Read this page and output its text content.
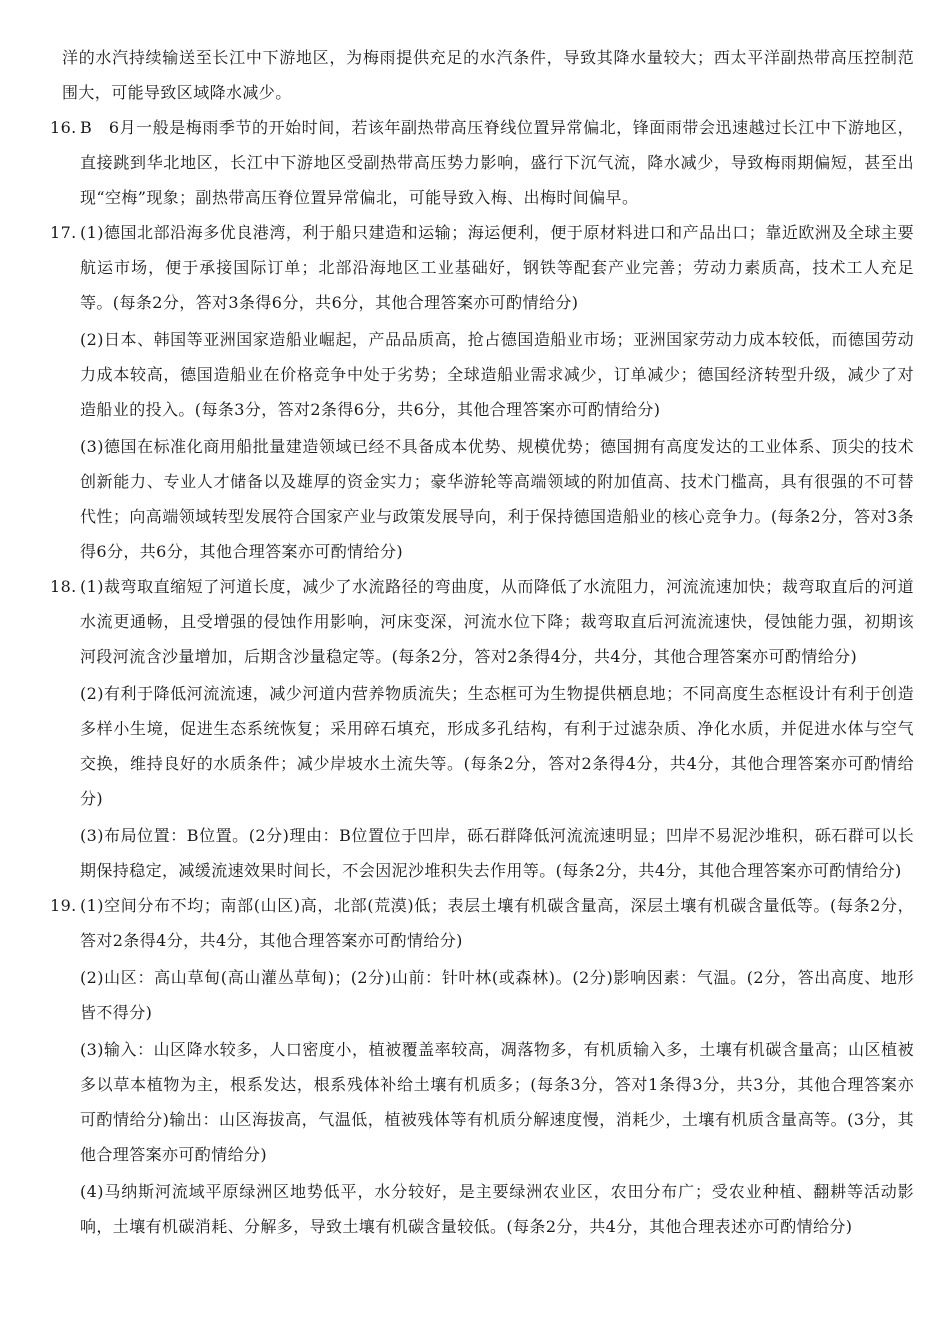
洋的水汽持续输送至长江中下游地区，为梅雨提供充足的水汽条件，导致其降水量较大；西太平洋副热带高压控制范围大，可能导致区域降水减少。

16. B　6月一般是梅雨季节的开始时间，若该年副热带高压脊线位置异常偏北，锋面雨带会迅速越过长江中下游地区，直接跳到华北地区，长江中下游地区受副热带高压势力影响，盛行下沉气流，降水减少，导致梅雨期偏短，甚至出现“空梅”现象；副热带高压脊位置异常偏北，可能导致入梅、出梅时间偏早。

17. (1)德国北部沿海多优良港湾，利于船只建造和运输；海运便利，便于原材料进口和产品出口；靠近欧洲及全球主要航运市场，便于承接国际订单；北部沿海地区工业基础好，钢铁等配套产业完善；劳动力素质高，技术工人充足等。(每条2分，答对3条得6分，共6分，其他合理答案亦可酌情给分)

(2)日本、韩国等亚洲国家造船业崛起，产品品质高，抢占德国造船业市场；亚洲国家劳动力成本较低，而德国劳动力成本较高，德国造船业在价格竞争中处于劣势；全球造船业需求减少，订单减少；德国经济转型升级，减少了对造船业的投入。(每条3分，答对2条得6分，共6分，其他合理答案亦可酌情给分)

(3)德国在标准化商用船批量建造领域已经不具备成本优势、规模优势；德国拥有高度发达的工业体系、顶尖的技术创新能力、专业人才储备以及雄厚的资金实力；豪华游轮等高端领域的附加值高、技术门槛高，具有很强的不可替代性；向高端领域转型发展符合国家产业与政策发展导向，利于保持德国造船业的核心竞争力。(每条2分，答对3条得6分，共6分，其他合理答案亦可酌情给分)

18. (1)裁弯取直缩短了河道长度，减少了水流路径的弯曲度，从而降低了水流阻力，河流流速加快；裁弯取直后的河道水流更通畅，且受增强的侵蚀作用影响，河床变深，河流水位下降；裁弯取直后河流流速快，侵蚀能力强，初期该河段河流含沙量增加，后期含沙量稳定等。(每条2分，答对2条得4分，共4分，其他合理答案亦可酌情给分)

(2)有利于降低河流流速，减少河道内营养物质流失；生态框可为生物提供栖息地；不同高度生态框设计有利于创造多样小生境，促进生态系统恢复；采用碎石填充，形成多孔结构，有利于过滤杂质、净化水质，并促进水体与空气交换，维持良好的水质条件；减少岸坡水土流失等。(每条2分，答对2条得4分，共4分，其他合理答案亦可酌情给分)

(3)布局位置：B位置。(2分)理由：B位置位于凹岸，砾石群降低河流流速明显；凹岸不易泥沙堆积，砾石群可以长期保持稳定，减缓流速效果时间长，不会因泥沙堆积失去作用等。(每条2分，共4分，其他合理答案亦可酌情给分)

19. (1)空间分布不均；南部(山区)高，北部(荒漠)低；表层土壤有机碳含量高，深层土壤有机碳含量低等。(每条2分，答对2条得4分，共4分，其他合理答案亦可酌情给分)

(2)山区：高山草甸(高山灌丛草甸)；(2分)山前：针叶林(或森林)。(2分)影响因素：气温。(2分，答出高度、地形皆不得分)

(3)输入：山区降水较多，人口密度小，植被覆盖率较高，凋落物多，有机质输入多，土壤有机碳含量高；山区植被多以草本植物为主，根系发达，根系残体补给土壤有机质多；(每条3分，答对1条得3分，共3分，其他合理答案亦可酌情给分)输出：山区海拔高，气温低，植被残体等有机质分解速度慢，消耗少，土壤有机质含量高等。(3分，其他合理答案亦可酌情给分)

(4)马纳斯河流域平原绿洲区地势低平，水分较好，是主要绿洲农业区，农田分布广；受农业种植、翻耕等活动影响，土壤有机碳消耗、分解多，导致土壤有机碳含量较低。(每条2分，共4分，其他合理表述亦可酌情给分)
